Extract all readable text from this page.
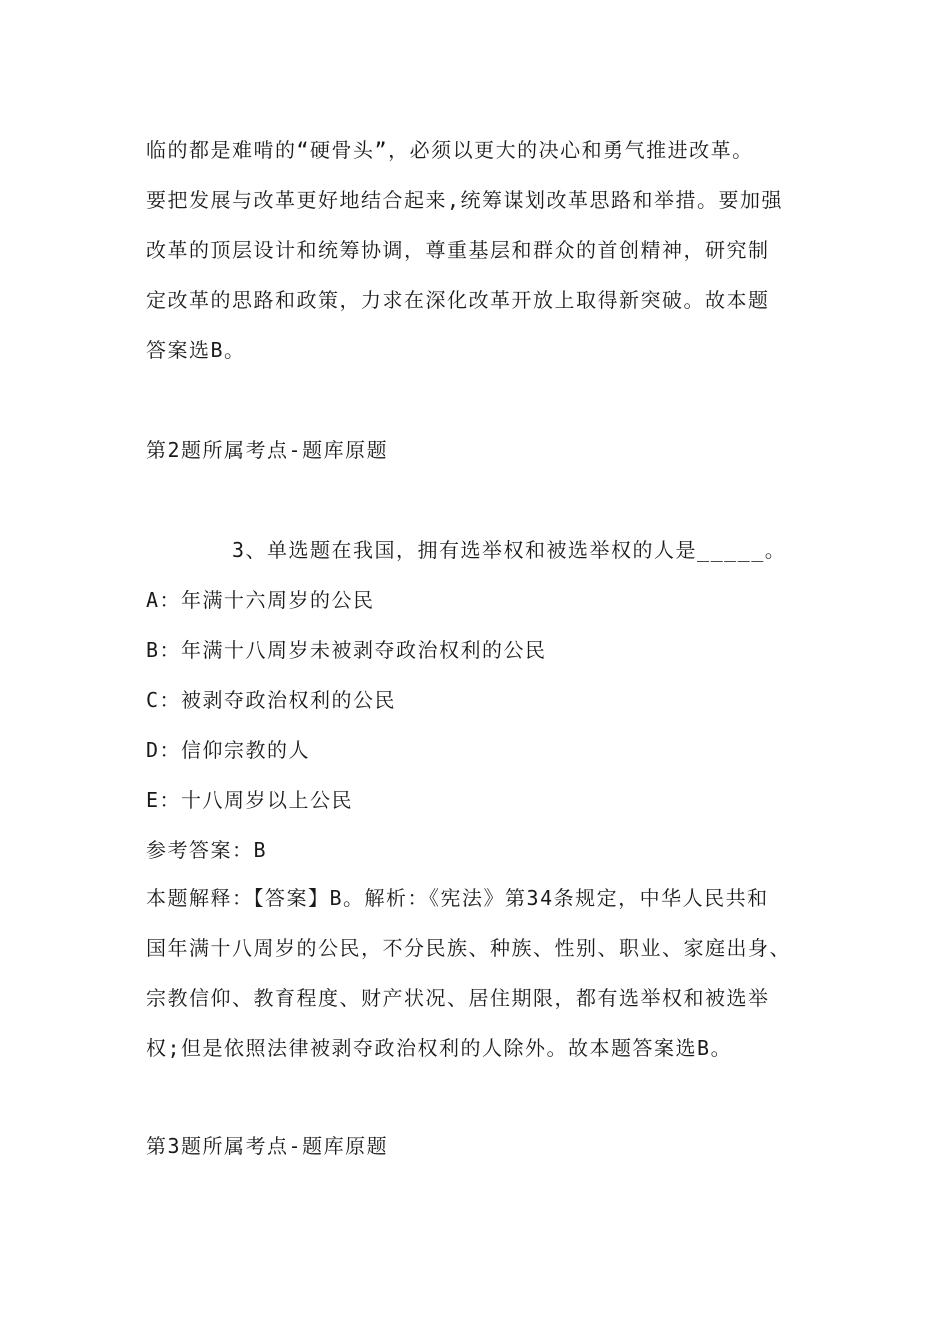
临的都是难啃的“硬骨头”，必须以更大的决心和勇气推进改革。
要把发展与改革更好地结合起来,统筹谋划改革思路和举措。要加强
改革的顶层设计和统筹协调，尊重基层和群众的首创精神，研究制
定改革的思路和政策，力求在深化改革开放上取得新突破。故本题
答案选B。
第2题所属考点-题库原题
3、单选题在我国，拥有选举权和被选举权的人是_____。
A：年满十六周岁的公民
B：年满十八周岁未被剥夺政治权利的公民
C：被剥夺政治权利的公民
D：信仰宗教的人
E：十八周岁以上公民
参考答案：B
本题解释：【答案】B。解析：《宪法》第34条规定，中华人民共和
国年满十八周岁的公民，不分民族、种族、性别、职业、家庭出身、
宗教信仰、教育程度、财产状况、居住期限，都有选举权和被选举
权;但是依照法律被剥夺政治权利的人除外。故本题答案选B。
第3题所属考点-题库原题
